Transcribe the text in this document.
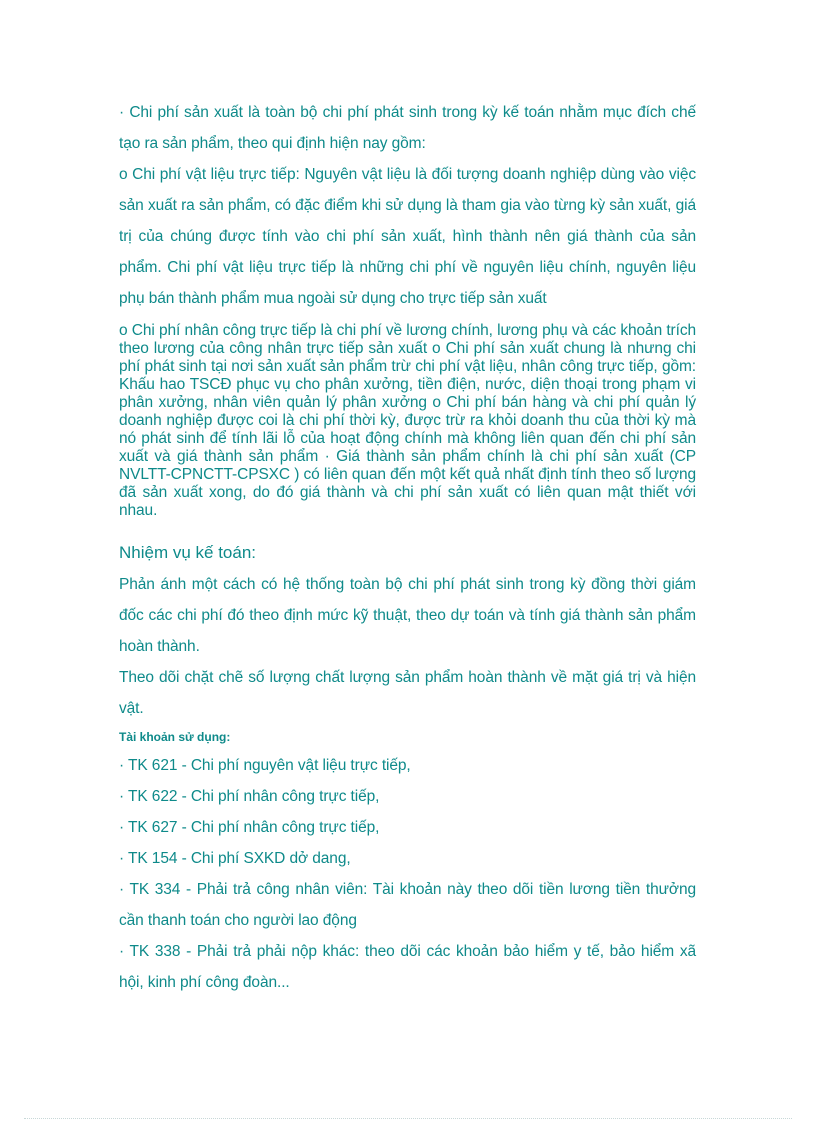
· Chi phí sản xuất là toàn bộ chi phí phát sinh trong kỳ kế toán nhằm mục đích chế tạo ra sản phẩm, theo qui định hiện nay gồm:

o Chi phí vật liệu trực tiếp: Nguyên vật liệu là đối tượng doanh nghiệp dùng vào việc sản xuất ra sản phẩm, có đặc điểm khi sử dụng là tham gia vào từng kỳ sản xuất, giá trị của chúng được tính vào chi phí sản xuất, hình thành nên giá thành của sản phẩm. Chi phí vật liệu trực tiếp là những chi phí về nguyên liệu chính, nguyên liệu phụ bán thành phẩm mua ngoài sử dụng cho trực tiếp sản xuất

o Chi phí nhân công trực tiếp là chi phí về lương chính, lương phụ và các khoản trích theo lương của công nhân trực tiếp sản xuất o Chi phí sản xuất chung là nhưng chi phí phát sinh tại nơi sản xuất sản phẩm trừ chi phí vật liệu, nhân công trực tiếp, gồm: Khấu hao TSCĐ phục vụ cho phân xưởng, tiền điện, nước, diện thoại trong phạm vi phân xưởng, nhân viên quản lý phân xưởng o Chi phí bán hàng và chi phí quản lý doanh nghiệp được coi là chi phí thời kỳ, được trừ ra khỏi doanh thu của thời kỳ mà nó phát sinh để tính lãi lỗ của hoạt động chính mà không liên quan đến chi phí sản xuất và giá thành sản phẩm · Giá thành sản phẩm chính là chi phí sản xuất (CP NVLTT-CPNCTT-CPSXC ) có liên quan đến một kết quả nhất định tính theo số lượng đã sản xuất xong, do đó giá thành và chi phí sản xuất có liên quan mật thiết với nhau.

Nhiệm vụ kế toán:

Phản ánh một cách có hệ thống toàn bộ chi phí phát sinh trong kỳ đồng thời giám đốc các chi phí đó theo định mức kỹ thuật, theo dự toán và tính giá thành sản phẩm hoàn thành.

Theo dõi chặt chẽ số lượng chất lượng sản phẩm hoàn thành về mặt giá trị và hiện vật.

Tài khoản sử dụng:

· TK 621 - Chi phí nguyên vật liệu trực tiếp,

· TK 622 - Chi phí nhân công trực tiếp,

· TK 627 - Chi phí nhân công trực tiếp,

· TK 154 - Chi phí SXKD dở dang,

· TK 334 - Phải trả công nhân viên: Tài khoản này theo dõi tiền lương tiền thưởng cần thanh toán cho người lao động

· TK 338 - Phải trả phải nộp khác: theo dõi các khoản bảo hiểm y tế, bảo hiểm xã hội, kinh phí công đoàn...
